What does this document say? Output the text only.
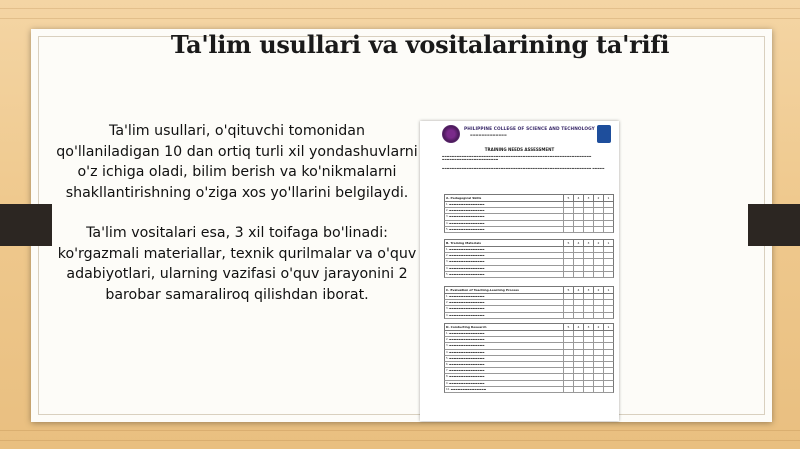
Ta'lim usullari va vositalarining ta'rifi

Ta'lim usullari, o'qituvchi tomonidan qo'llaniladigan 10 dan ortiq turli xil yondashuvlarni o'z ichiga oladi, bilim berish va ko'nikmalarni shakllantirishning o'ziga xos yo'llarini belgilaydi.

Ta'lim vositalari esa, 3 xil toifaga bo'linadi: ko'rgazmali materiallar, texnik qurilmalar va o'quv adabiyotlari, ularning vazifasi o'quv jarayonini 2 barobar samaraliroq qilishdan iborat.

PHILIPPINE COLLEGE OF SCIENCE AND TECHNOLOGY
▬▬▬▬▬▬▬▬▬▬▬▬▬
TRAINING NEEDS ASSESSMENT
▬▬▬▬▬▬▬▬▬▬▬▬▬▬▬▬▬▬▬▬▬▬▬▬▬▬▬▬▬▬▬▬▬▬▬▬▬▬▬▬▬▬▬▬▬▬▬▬▬▬▬▬▬▬▬▬▬▬▬▬▬ ▬▬▬▬▬▬▬▬▬▬▬▬▬▬▬▬▬▬▬▬▬▬▬
▬▬▬▬▬▬▬▬▬▬▬▬▬▬▬▬▬▬▬▬▬▬▬▬▬▬▬▬▬▬▬▬▬▬▬▬▬▬▬▬▬▬▬▬▬▬▬▬▬▬▬▬▬▬▬▬▬▬▬▬▬ ▬▬▬▬▬
A. Pedagogical Skills	5	4	3	2	1
1. ▬▬▬▬▬▬▬▬▬▬▬▬▬▬▬
2. ▬▬▬▬▬▬▬▬▬▬▬▬▬▬▬
3. ▬▬▬▬▬▬▬▬▬▬▬▬▬▬▬
4. ▬▬▬▬▬▬▬▬▬▬▬▬▬▬▬
5. ▬▬▬▬▬▬▬▬▬▬▬▬▬▬▬
B. Training Materials	5	4	3	2	1
1. ▬▬▬▬▬▬▬▬▬▬▬▬▬▬▬
2. ▬▬▬▬▬▬▬▬▬▬▬▬▬▬▬
3. ▬▬▬▬▬▬▬▬▬▬▬▬▬▬▬
4. ▬▬▬▬▬▬▬▬▬▬▬▬▬▬▬
5. ▬▬▬▬▬▬▬▬▬▬▬▬▬▬▬
C. Evaluation of Teaching-Learning Process	5	4	3	2	1
1. ▬▬▬▬▬▬▬▬▬▬▬▬▬▬▬
2. ▬▬▬▬▬▬▬▬▬▬▬▬▬▬▬
3. ▬▬▬▬▬▬▬▬▬▬▬▬▬▬▬
4. ▬▬▬▬▬▬▬▬▬▬▬▬▬▬▬
D. Conducting Research	5	4	3	2	1
1. ▬▬▬▬▬▬▬▬▬▬▬▬▬▬▬
2. ▬▬▬▬▬▬▬▬▬▬▬▬▬▬▬
3. ▬▬▬▬▬▬▬▬▬▬▬▬▬▬▬
4. ▬▬▬▬▬▬▬▬▬▬▬▬▬▬▬
5. ▬▬▬▬▬▬▬▬▬▬▬▬▬▬▬
6. ▬▬▬▬▬▬▬▬▬▬▬▬▬▬▬
7. ▬▬▬▬▬▬▬▬▬▬▬▬▬▬▬
8. ▬▬▬▬▬▬▬▬▬▬▬▬▬▬▬
9. ▬▬▬▬▬▬▬▬▬▬▬▬▬▬▬
10. ▬▬▬▬▬▬▬▬▬▬▬▬▬▬▬
